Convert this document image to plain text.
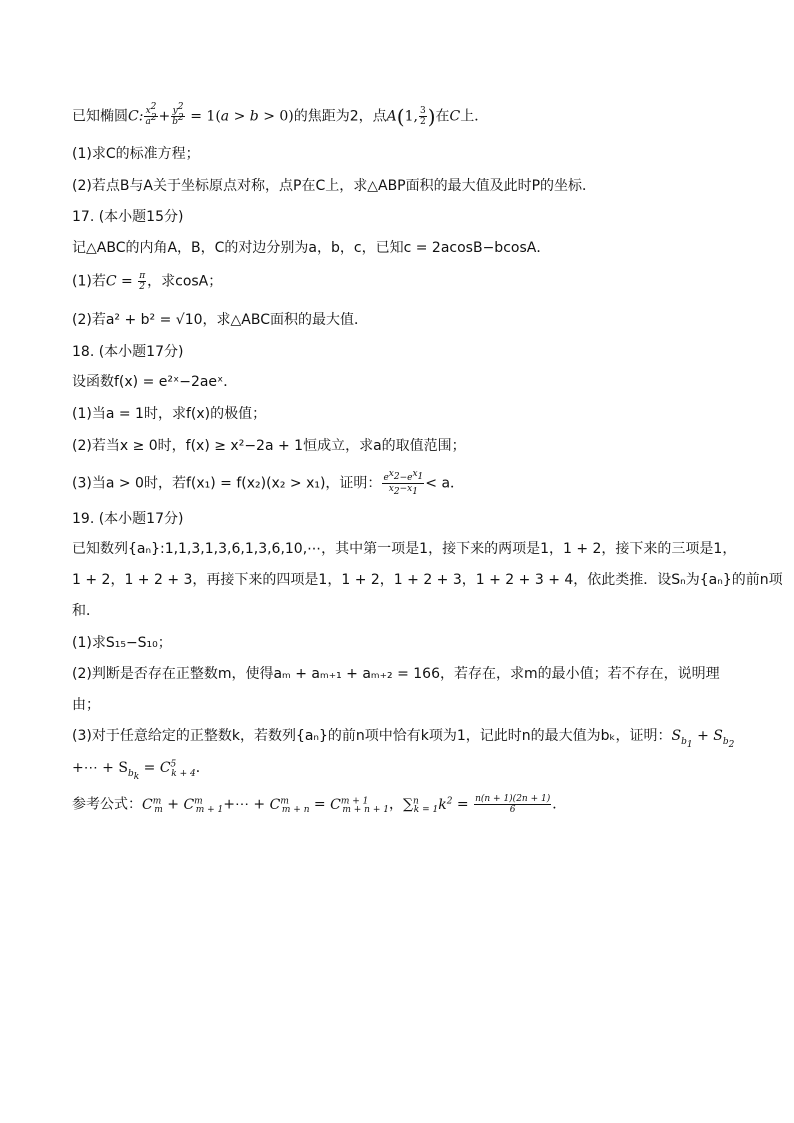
已知椭圆C: $\frac{x^2}{a^2} + \frac{y^2}{b^2} = 1(a > b > 0)$的焦距为2，点A(1, $\frac{3}{2}$ )在C上．
(1)求C的标准方程；
(2)若点B与A关于坐标原点对称，点P在C上，求△ABP面积的最大值及此时P的坐标．
17. (本小题15分)
记△ABC的内角A，B，C的对边分别为a，b，c，已知c = 2acosB−bcosA．
(1)若$C = \frac{\pi}{2}$ ，求cosA；
(2)若a² + b² = √10，求△ABC面积的最大值．
18. (本小题17分)
设函数f(x) = e²ˣ−2aeˣ．
(1)当a = 1时，求f(x)的极值；
(2)若当x ≥ 0时，f(x) ≥ x²−2a + 1恒成立，求a的取值范围；
(3)当a > 0时，若f(x₁) = f(x₂)(x₂ > x₁)，证明： $\frac{e^{x_2}-e^{x_1}}{x_2-x_1} < a$．
19. (本小题17分)
已知数列{aₙ}:1,1,3,1,3,6,1,3,6,10,⋯，其中第一项是1，接下来的两项是1，1 + 2，接下来的三项是1，
1 + 2，1 + 2 + 3，再接下来的四项是1，1 + 2，1 + 2 + 3，1 + 2 + 3 + 4，依此类推．设Sₙ为{aₙ}的前n项
和．
(1)求S₁₅−S₁₀；
(2)判断是否存在正整数m，使得aₘ + aₘ₊₁ + aₘ₊₂ = 166，若存在，求m的最小值；若不存在，说明理
由；
(3)对于任意给定的正整数k，若数列{aₙ}的前n项中恰有k项为1，记此时n的最大值为bₖ，证明：$S_{b_1} + S_{b_2}$
+⋯ + $S_{b_k} = C^5_{k + 4}$．
参考公式：$C^m_m$ + $C^m_{m + 1}+\cdots + C^m_{m + n} = C^{m + 1}_{m + n + 1}$，$\sum^n_{k = 1}k^2 = \frac{n(n + 1)(2n + 1)}{6}$ ．
